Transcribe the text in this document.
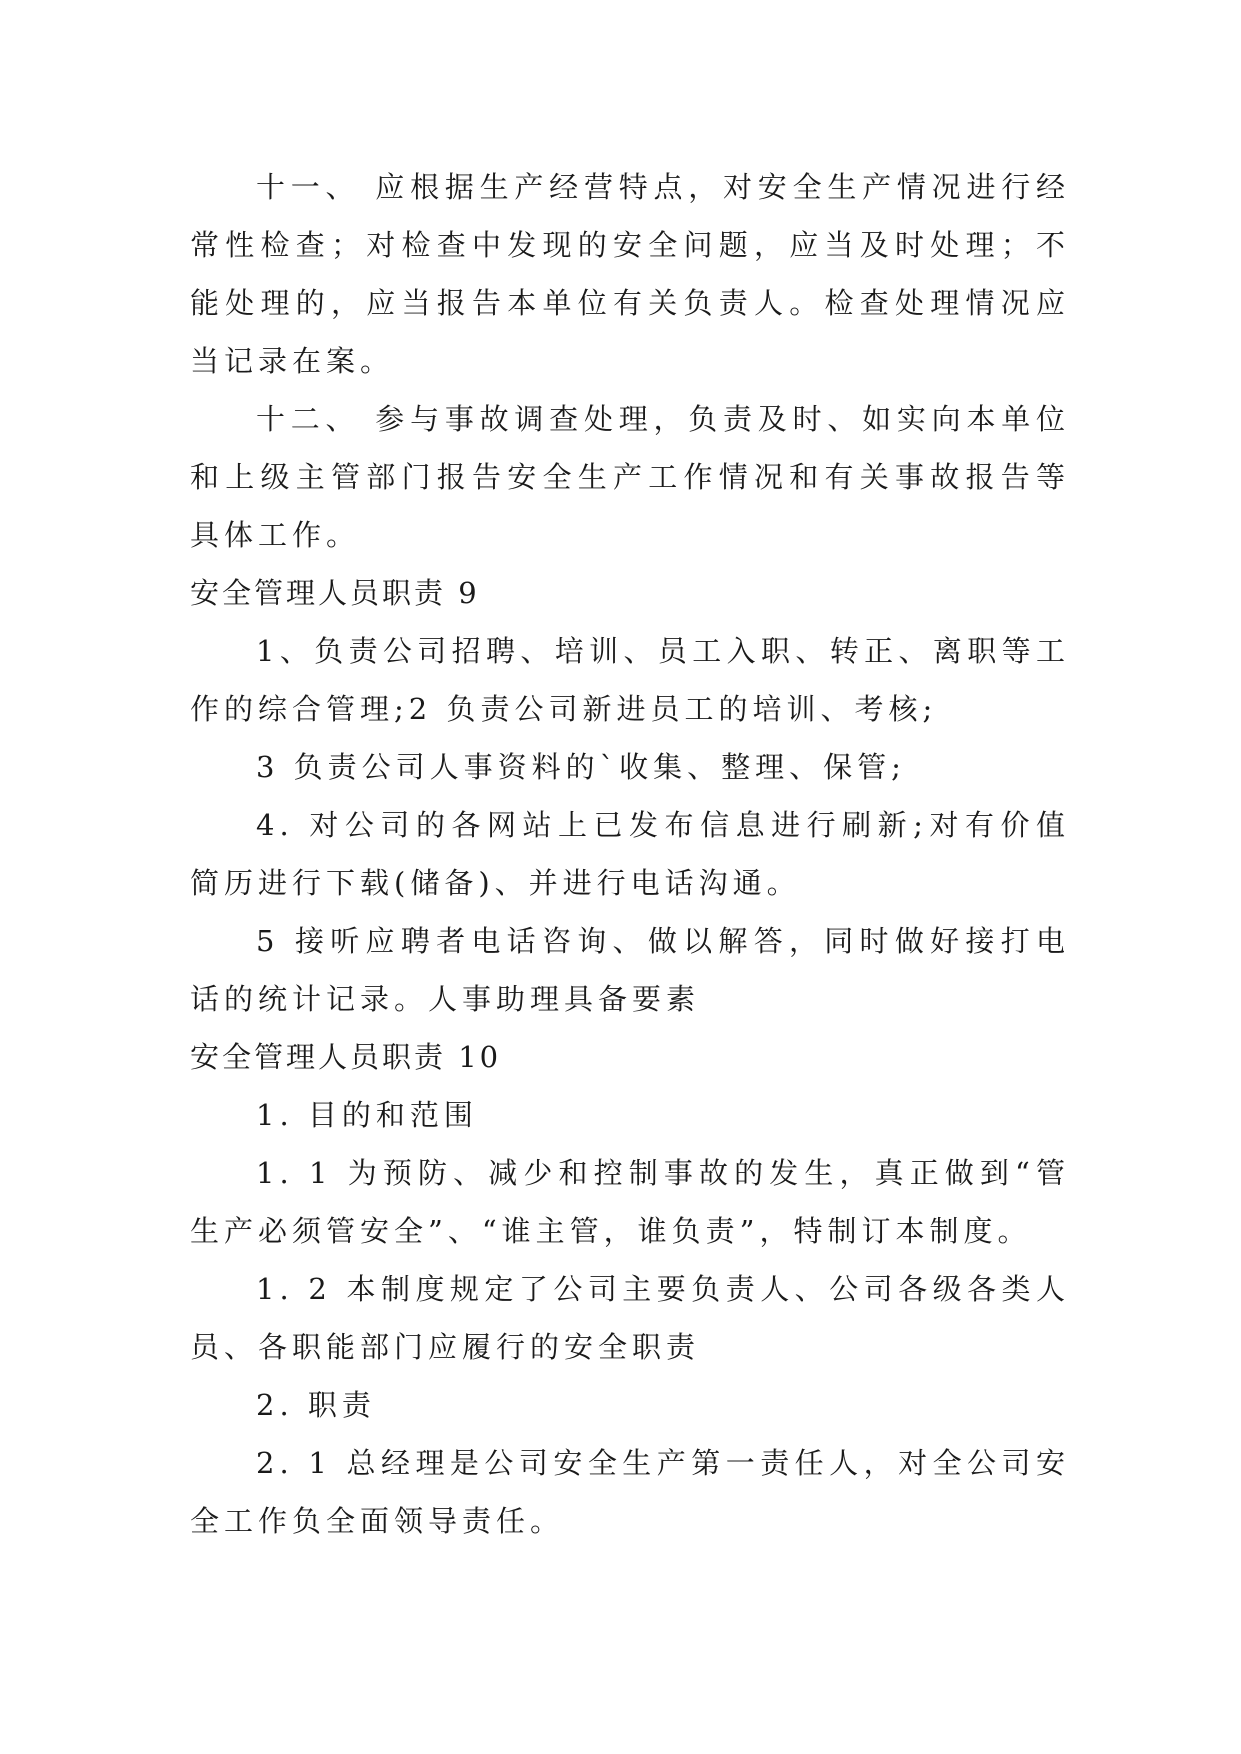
十一、 应根据生产经营特点，对安全生产情况进行经常性检查；对检查中发现的安全问题，应当及时处理；不能处理的，应当报告本单位有关负责人。检查处理情况应当记录在案。

十二、 参与事故调查处理，负责及时、如实向本单位和上级主管部门报告安全生产工作情况和有关事故报告等具体工作。

安全管理人员职责 9

1、负责公司招聘、培训、员工入职、转正、离职等工作的综合管理;2 负责公司新进员工的培训、考核;

3 负责公司人事资料的`收集、整理、保管;

4. 对公司的各网站上已发布信息进行刷新;对有价值简历进行下载(储备)、并进行电话沟通。

5 接听应聘者电话咨询、做以解答，同时做好接打电话的统计记录。人事助理具备要素

安全管理人员职责 10

1. 目的和范围

1. 1 为预防、减少和控制事故的发生，真正做到“管生产必须管安全”、“谁主管，谁负责”，特制订本制度。

1. 2 本制度规定了公司主要负责人、公司各级各类人员、各职能部门应履行的安全职责

2. 职责

2. 1 总经理是公司安全生产第一责任人，对全公司安全工作负全面领导责任。
